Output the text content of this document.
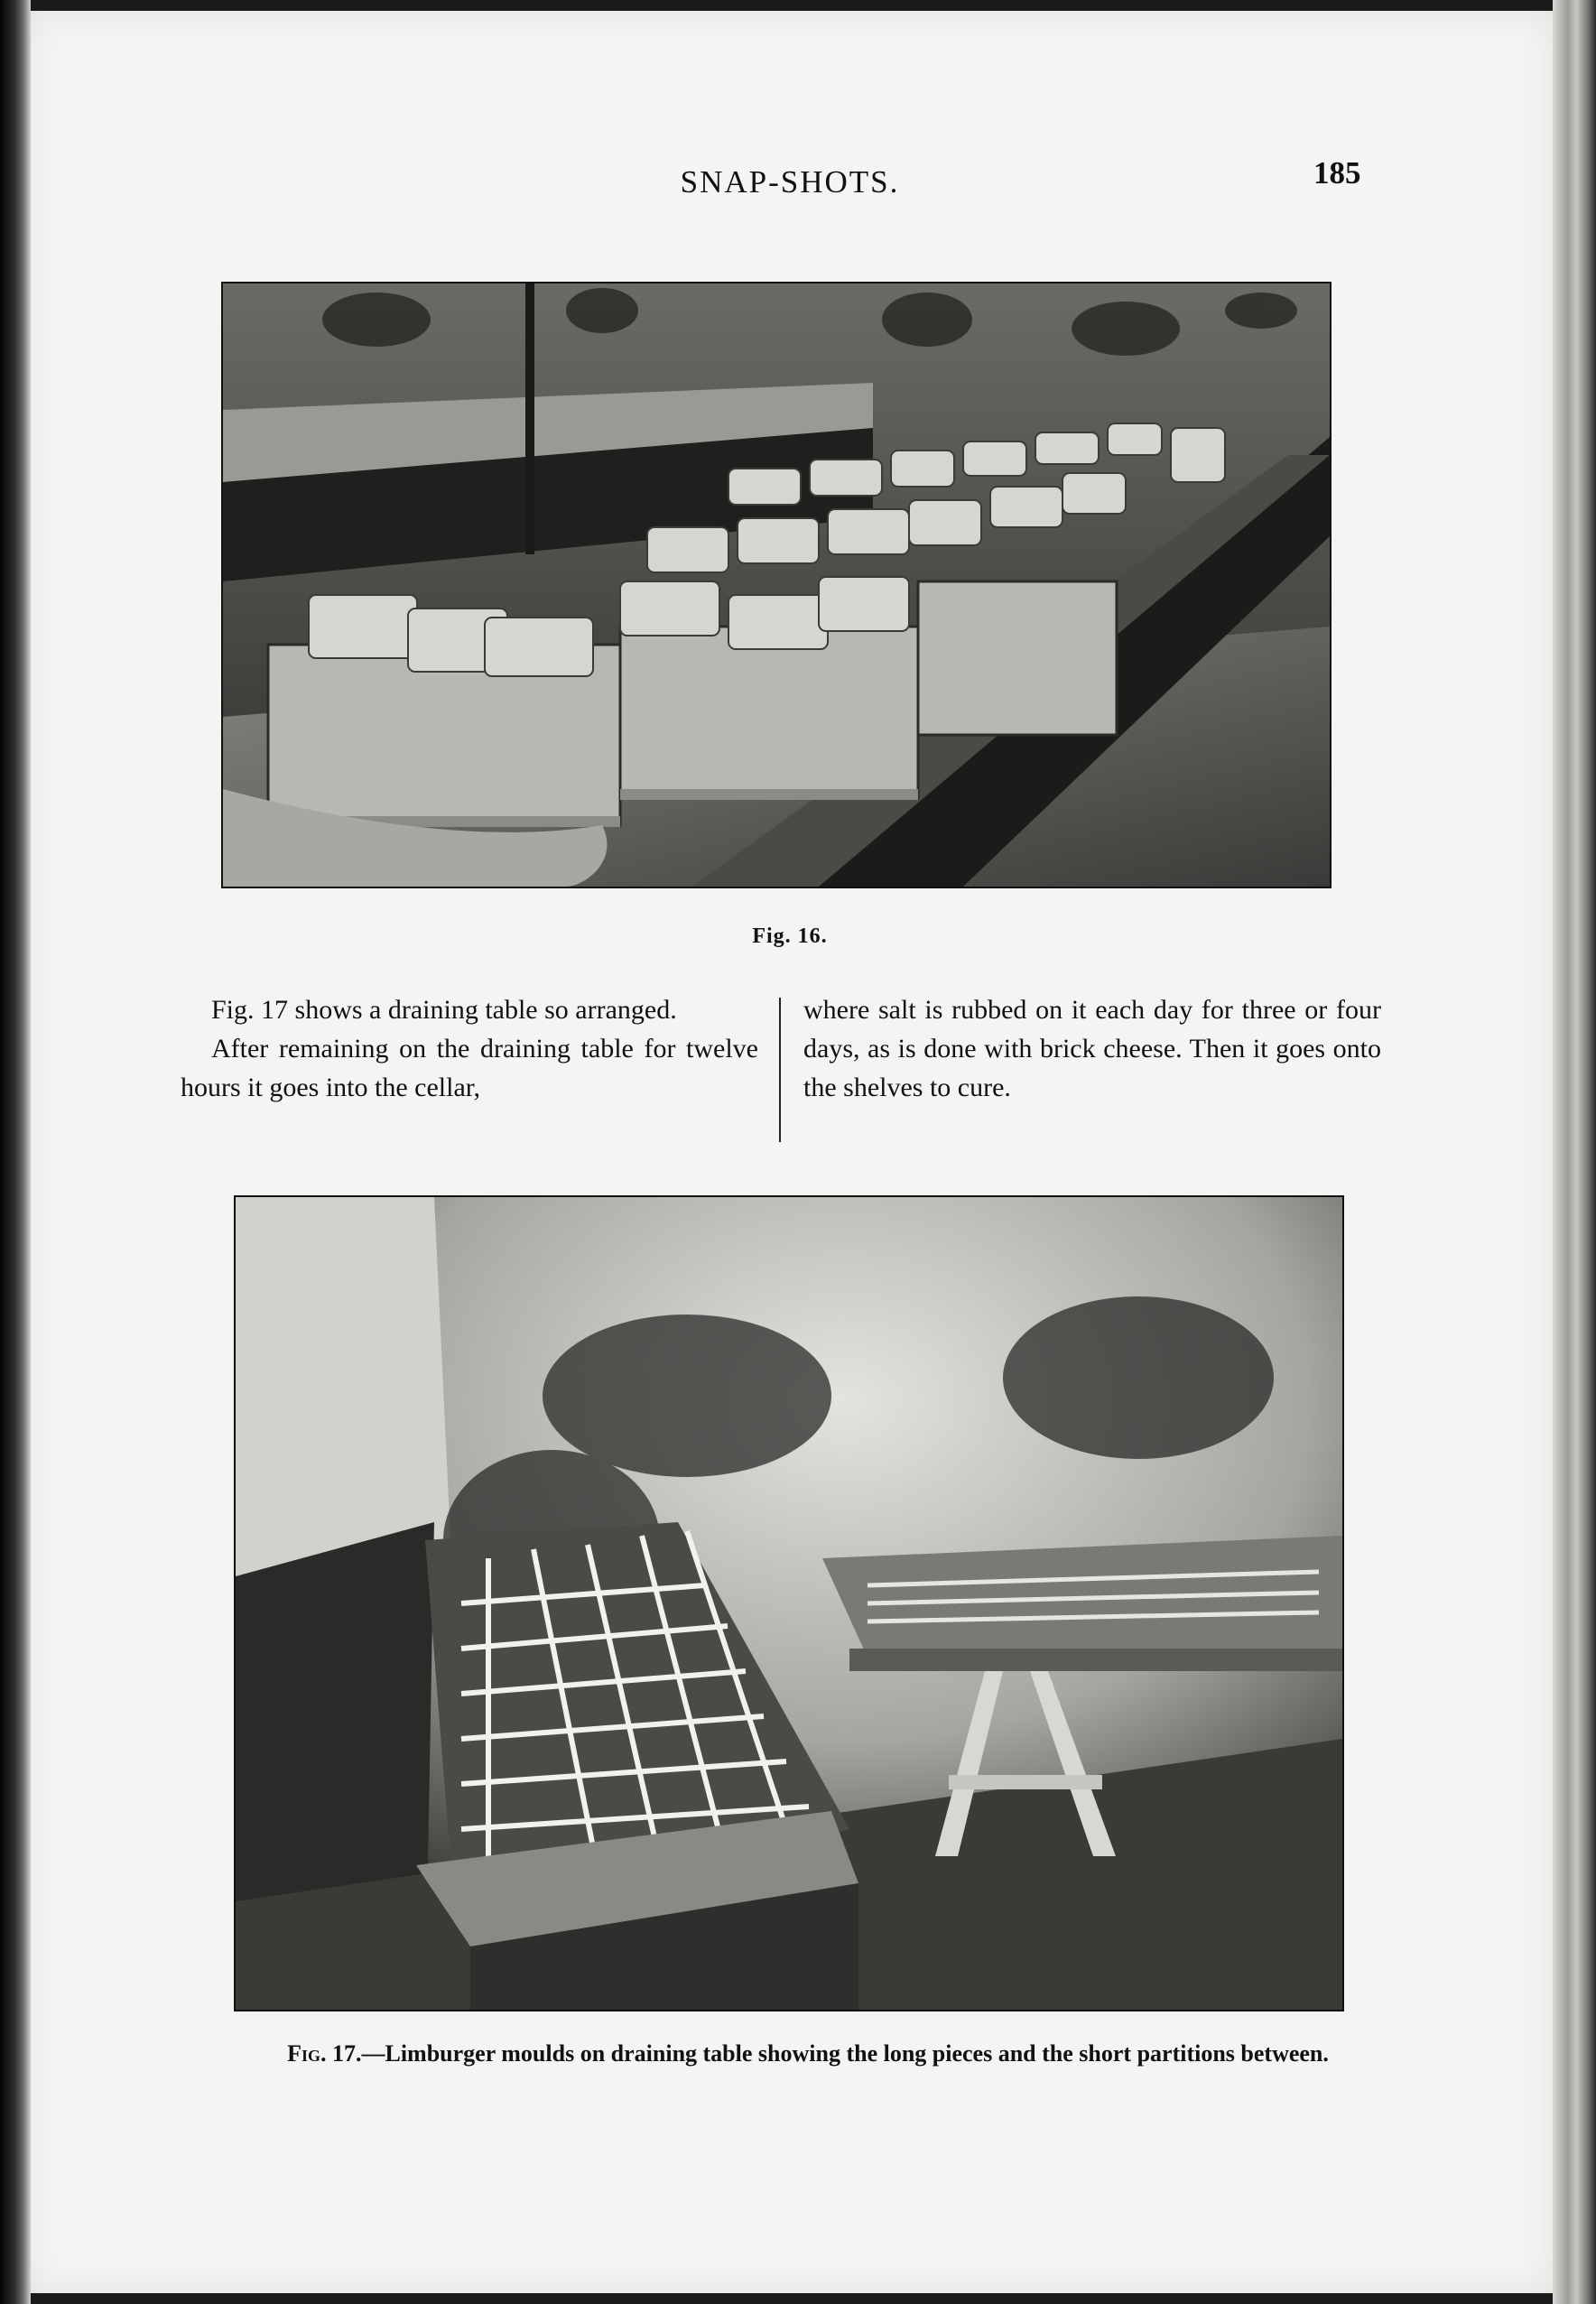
SNAP-SHOTS.	185
Fig. 16.

Fig. 17 shows a draining table so arranged.

After remaining on the draining table for twelve hours it goes into the cellar,

where salt is rubbed on it each day for three or four days, as is done with brick cheese. Then it goes onto the shelves to cure.

Fig. 17.—Limburger moulds on draining table showing the long pieces and the short partitions between.
